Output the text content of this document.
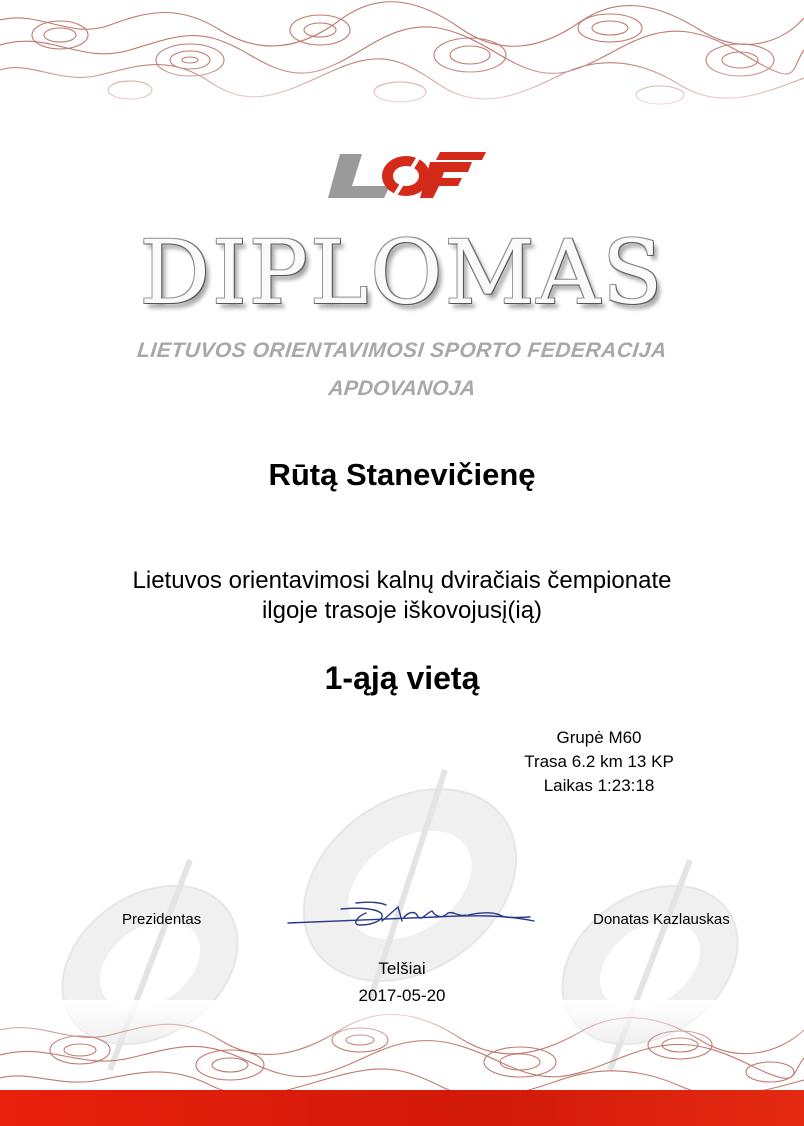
DIPLOMAS
LIETUVOS ORIENTAVIMOSI SPORTO FEDERACIJA
APDOVANOJA
Rūtą Stanevičienę
Lietuvos orientavimosi kalnų dviračiais čempionate
ilgoje trasoje iškovojusį(ią)
1-ąją vietą
Grupė M60
Trasa 6.2 km 13 KP
Laikas 1:23:18
Prezidentas	Donatas Kazlauskas
Telšiai
2017-05-20
